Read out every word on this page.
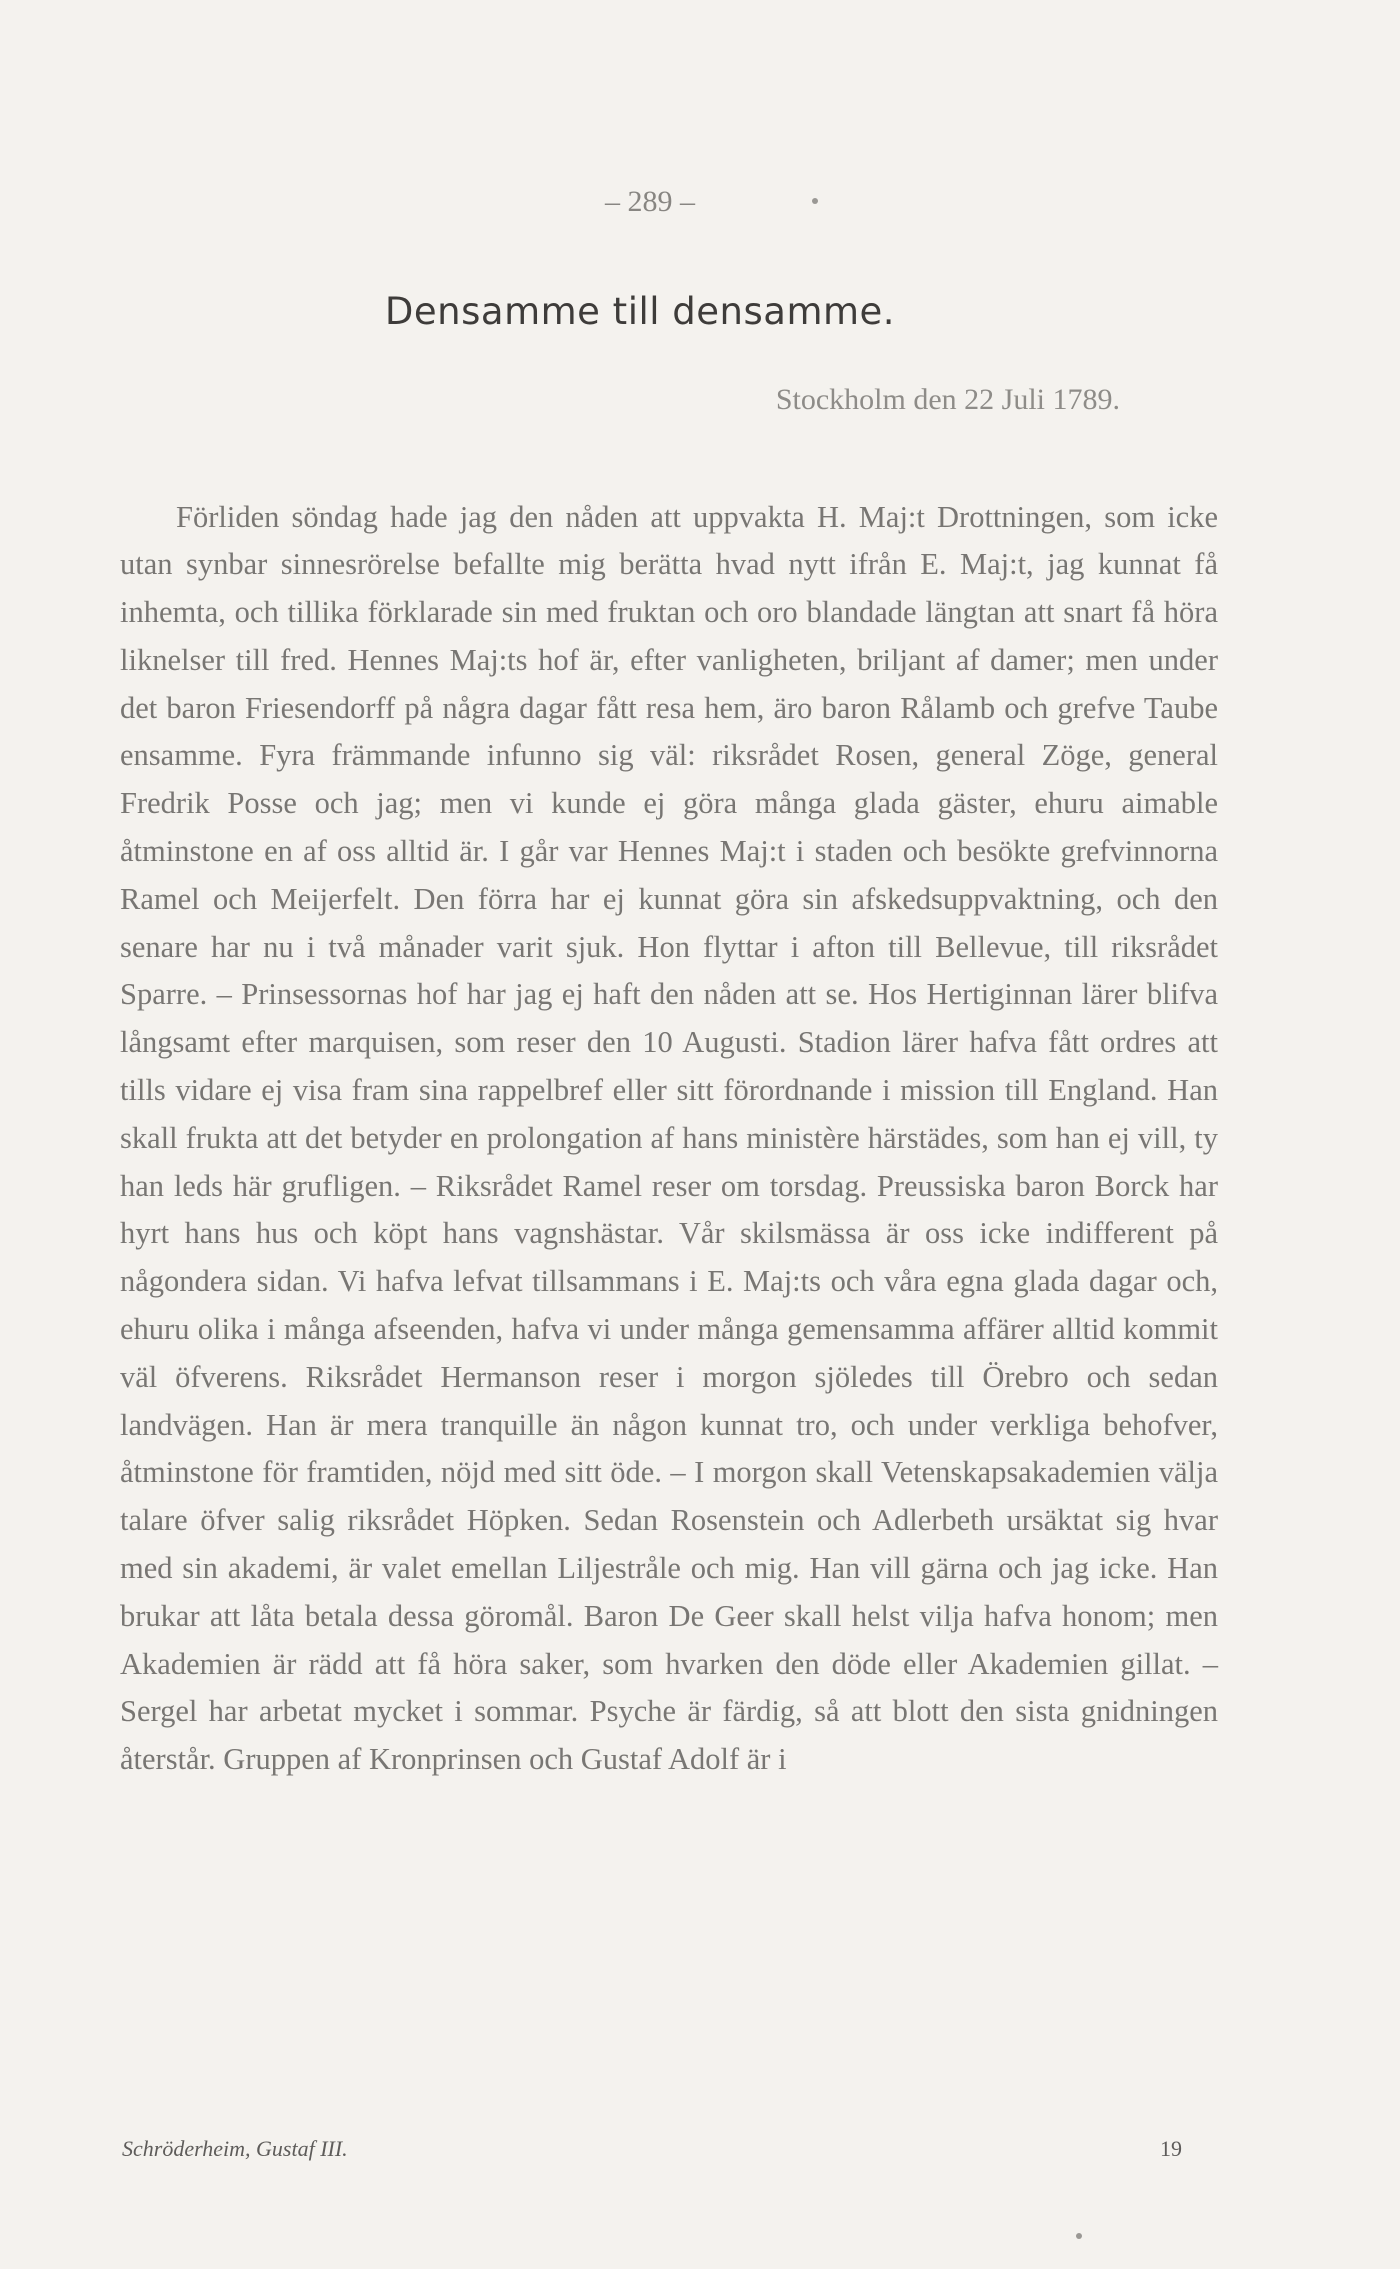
– 289 –
Densamme till densamme.
Stockholm den 22 Juli 1789.

Förliden söndag hade jag den nåden att uppvakta H. Maj:t Drottningen, som icke utan synbar sinnesrörelse befallte mig berätta hvad nytt ifrån E. Maj:t, jag kunnat få inhemta, och tillika förklarade sin med fruktan och oro blandade längtan att snart få höra liknelser till fred. Hennes Maj:ts hof är, efter vanligheten, briljant af damer; men under det baron Friesendorff på några dagar fått resa hem, äro baron Rålamb och grefve Taube ensamme. Fyra främmande infunno sig väl: riksrådet Rosen, general Zöge, general Fredrik Posse och jag; men vi kunde ej göra många glada gäster, ehuru aimable åtminstone en af oss alltid är. I går var Hennes Maj:t i staden och besökte grefvinnorna Ramel och Meijerfelt. Den förra har ej kunnat göra sin afskedsuppvaktning, och den senare har nu i två månader varit sjuk. Hon flyttar i afton till Bellevue, till riksrådet Sparre. – Prinsessornas hof har jag ej haft den nåden att se. Hos Hertiginnan lärer blifva långsamt efter marquisen, som reser den 10 Augusti. Stadion lärer hafva fått ordres att tills vidare ej visa fram sina rappelbref eller sitt förordnande i mission till England. Han skall frukta att det betyder en prolongation af hans ministère härstädes, som han ej vill, ty han leds här grufligen. – Riksrådet Ramel reser om torsdag. Preussiska baron Borck har hyrt hans hus och köpt hans vagnshästar. Vår skilsmässa är oss icke indifferent på någondera sidan. Vi hafva lefvat tillsammans i E. Maj:ts och våra egna glada dagar och, ehuru olika i många afseenden, hafva vi under många gemensamma affärer alltid kommit väl öfverens. Riksrådet Hermanson reser i morgon sjöledes till Örebro och sedan landvägen. Han är mera tranquille än någon kunnat tro, och under verkliga behofver, åtminstone för framtiden, nöjd med sitt öde. – I morgon skall Vetenskapsakademien välja talare öfver salig riksrådet Höpken. Sedan Rosenstein och Adlerbeth ursäktat sig hvar med sin akademi, är valet emellan Liljestråle och mig. Han vill gärna och jag icke. Han brukar att låta betala dessa göromål. Baron De Geer skall helst vilja hafva honom; men Akademien är rädd att få höra saker, som hvarken den döde eller Akademien gillat. – Sergel har arbetat mycket i sommar. Psyche är färdig, så att blott den sista gnidningen återstår. Gruppen af Kronprinsen och Gustaf Adolf är i

Schröderheim, Gustaf III.	19
